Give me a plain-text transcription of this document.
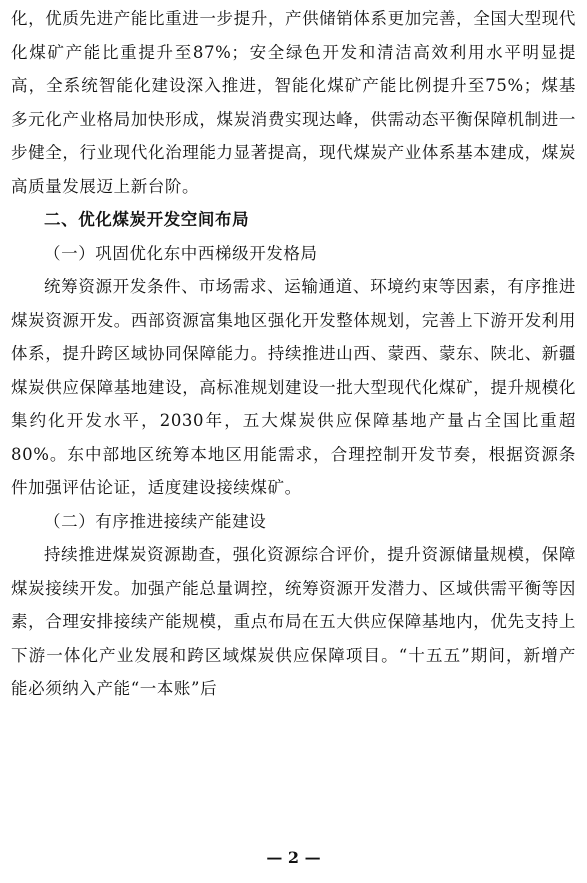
化，优质先进产能比重进一步提升，产供储销体系更加完善，全国大型现代化煤矿产能比重提升至87%；安全绿色开发和清洁高效利用水平明显提高，全系统智能化建设深入推进，智能化煤矿产能比例提升至75%；煤基多元化产业格局加快形成，煤炭消费实现达峰，供需动态平衡保障机制进一步健全，行业现代化治理能力显著提高，现代煤炭产业体系基本建成，煤炭高质量发展迈上新台阶。

二、优化煤炭开发空间布局

（一）巩固优化东中西梯级开发格局

统筹资源开发条件、市场需求、运输通道、环境约束等因素，有序推进煤炭资源开发。西部资源富集地区强化开发整体规划，完善上下游开发利用体系，提升跨区域协同保障能力。持续推进山西、蒙西、蒙东、陕北、新疆煤炭供应保障基地建设，高标准规划建设一批大型现代化煤矿，提升规模化集约化开发水平，2030年，五大煤炭供应保障基地产量占全国比重超80%。东中部地区统筹本地区用能需求，合理控制开发节奏，根据资源条件加强评估论证，适度建设接续煤矿。

（二）有序推进接续产能建设

持续推进煤炭资源勘查，强化资源综合评价，提升资源储量规模，保障煤炭接续开发。加强产能总量调控，统筹资源开发潜力、区域供需平衡等因素，合理安排接续产能规模，重点布局在五大供应保障基地内，优先支持上下游一体化产业发展和跨区域煤炭供应保障项目。“十五五”期间，新增产能必须纳入产能“一本账”后

— 2 —
